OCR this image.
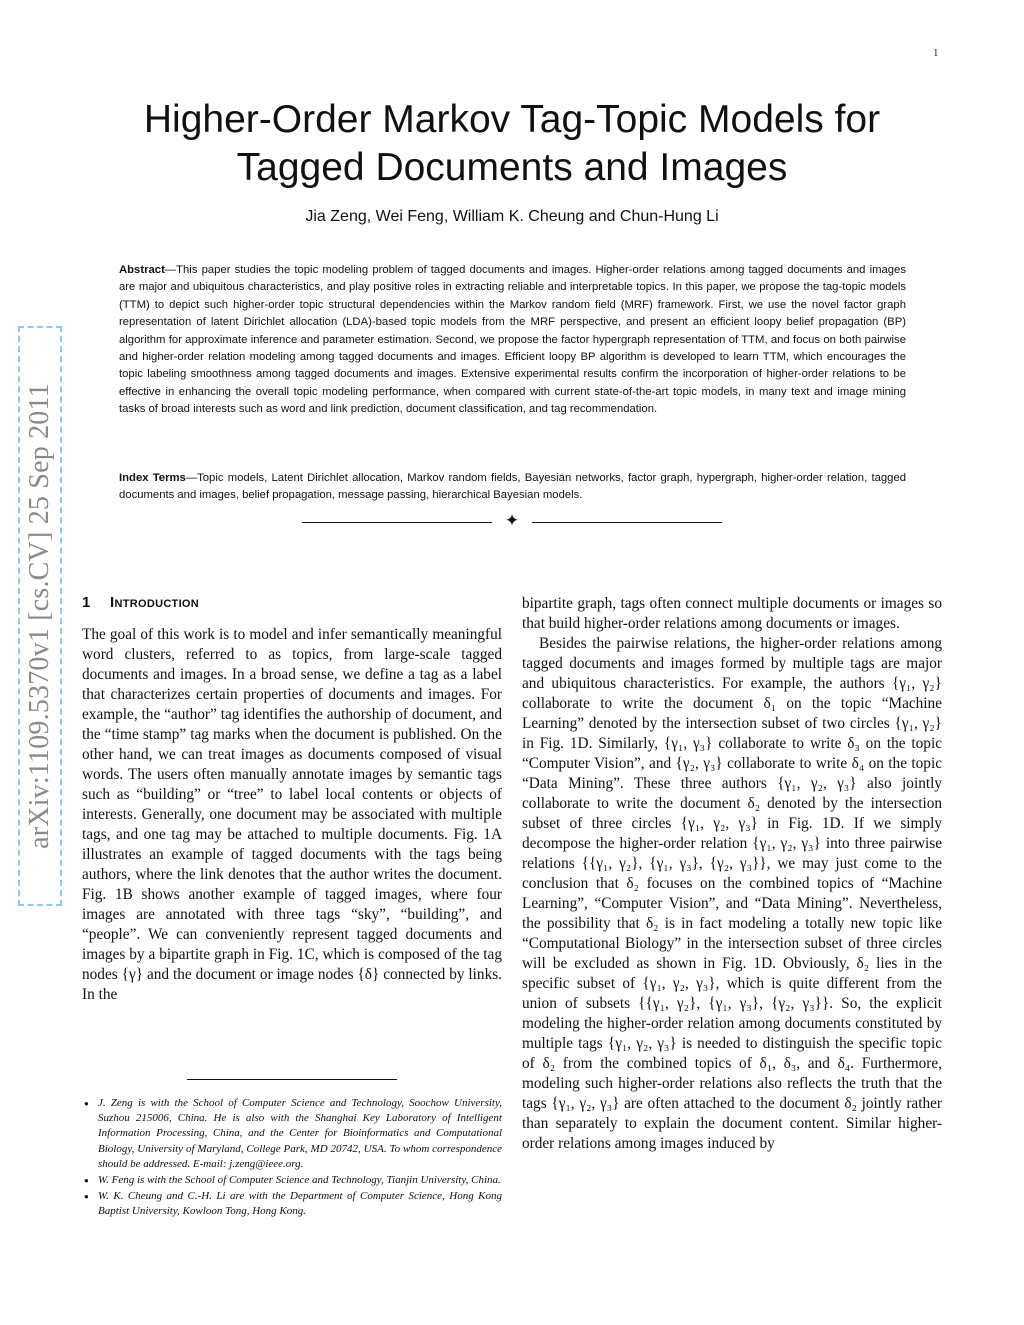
1
arXiv:1109.5370v1 [cs.CV] 25 Sep 2011
Higher-Order Markov Tag-Topic Models for
Tagged Documents and Images
Jia Zeng, Wei Feng, William K. Cheung and Chun-Hung Li
Abstract—This paper studies the topic modeling problem of tagged documents and images. Higher-order relations among tagged documents and images are major and ubiquitous characteristics, and play positive roles in extracting reliable and interpretable topics. In this paper, we propose the tag-topic models (TTM) to depict such higher-order topic structural dependencies within the Markov random field (MRF) framework. First, we use the novel factor graph representation of latent Dirichlet allocation (LDA)-based topic models from the MRF perspective, and present an efficient loopy belief propagation (BP) algorithm for approximate inference and parameter estimation. Second, we propose the factor hypergraph representation of TTM, and focus on both pairwise and higher-order relation modeling among tagged documents and images. Efficient loopy BP algorithm is developed to learn TTM, which encourages the topic labeling smoothness among tagged documents and images. Extensive experimental results confirm the incorporation of higher-order relations to be effective in enhancing the overall topic modeling performance, when compared with current state-of-the-art topic models, in many text and image mining tasks of broad interests such as word and link prediction, document classification, and tag recommendation.
Index Terms—Topic models, Latent Dirichlet allocation, Markov random fields, Bayesian networks, factor graph, hypergraph, higher-order relation, tagged documents and images, belief propagation, message passing, hierarchical Bayesian models.
✦
1 Introduction

The goal of this work is to model and infer semantically meaningful word clusters, referred to as topics, from large-scale tagged documents and images. In a broad sense, we define a tag as a label that characterizes certain properties of documents and images. For example, the “author” tag identifies the authorship of document, and the “time stamp” tag marks when the document is published. On the other hand, we can treat images as documents composed of visual words. The users often manually annotate images by semantic tags such as “building” or “tree” to label local contents or objects of interests. Generally, one document may be associated with multiple tags, and one tag may be attached to multiple documents. Fig. 1A illustrates an example of tagged documents with the tags being authors, where the link denotes that the author writes the document. Fig. 1B shows another example of tagged images, where four images are annotated with three tags “sky”, “building”, and “people”. We can conveniently represent tagged documents and images by a bipartite graph in Fig. 1C, which is composed of the tag nodes {γ} and the document or image nodes {δ} connected by links. In the

● J. Zeng is with the School of Computer Science and Technology, Soochow University, Suzhou 215006, China. He is also with the Shanghai Key Laboratory of Intelligent Information Processing, China, and the Center for Bioinformatics and Computational Biology, University of Maryland, College Park, MD 20742, USA. To whom correspondence should be addressed. E-mail: j.zeng@ieee.org.
● W. Feng is with the School of Computer Science and Technology, Tianjin University, China.
● W. K. Cheung and C.-H. Li are with the Department of Computer Science, Hong Kong Baptist University, Kowloon Tong, Hong Kong.

bipartite graph, tags often connect multiple documents or images so that build higher-order relations among documents or images.

Besides the pairwise relations, the higher-order relations among tagged documents and images formed by multiple tags are major and ubiquitous characteristics. For example, the authors {γ₁, γ₂} collaborate to write the document δ₁ on the topic “Machine Learning” denoted by the intersection subset of two circles {γ₁, γ₂} in Fig. 1D. Similarly, {γ₁, γ₃} collaborate to write δ₃ on the topic “Computer Vision”, and {γ₂, γ₃} collaborate to write δ₄ on the topic “Data Mining”. These three authors {γ₁, γ₂, γ₃} also jointly collaborate to write the document δ₂ denoted by the intersection subset of three circles {γ₁, γ₂, γ₃} in Fig. 1D. If we simply decompose the higher-order relation {γ₁, γ₂, γ₃} into three pairwise relations {{γ₁, γ₂}, {γ₁, γ₃}, {γ₂, γ₃}}, we may just come to the conclusion that δ₂ focuses on the combined topics of “Machine Learning”, “Computer Vision”, and “Data Mining”. Nevertheless, the possibility that δ₂ is in fact modeling a totally new topic like “Computational Biology” in the intersection subset of three circles will be excluded as shown in Fig. 1D. Obviously, δ₂ lies in the specific subset of {γ₁, γ₂, γ₃}, which is quite different from the union of subsets {{γ₁, γ₂}, {γ₁, γ₃}, {γ₂, γ₃}}. So, the explicit modeling the higher-order relation among documents constituted by multiple tags {γ₁, γ₂, γ₃} is needed to distinguish the specific topic of δ₂ from the combined topics of δ₁, δ₃, and δ₄. Furthermore, modeling such higher-order relations also reflects the truth that the tags {γ₁, γ₂, γ₃} are often attached to the document δ₂ jointly rather than separately to explain the document content. Similar higher-order relations among images induced by
